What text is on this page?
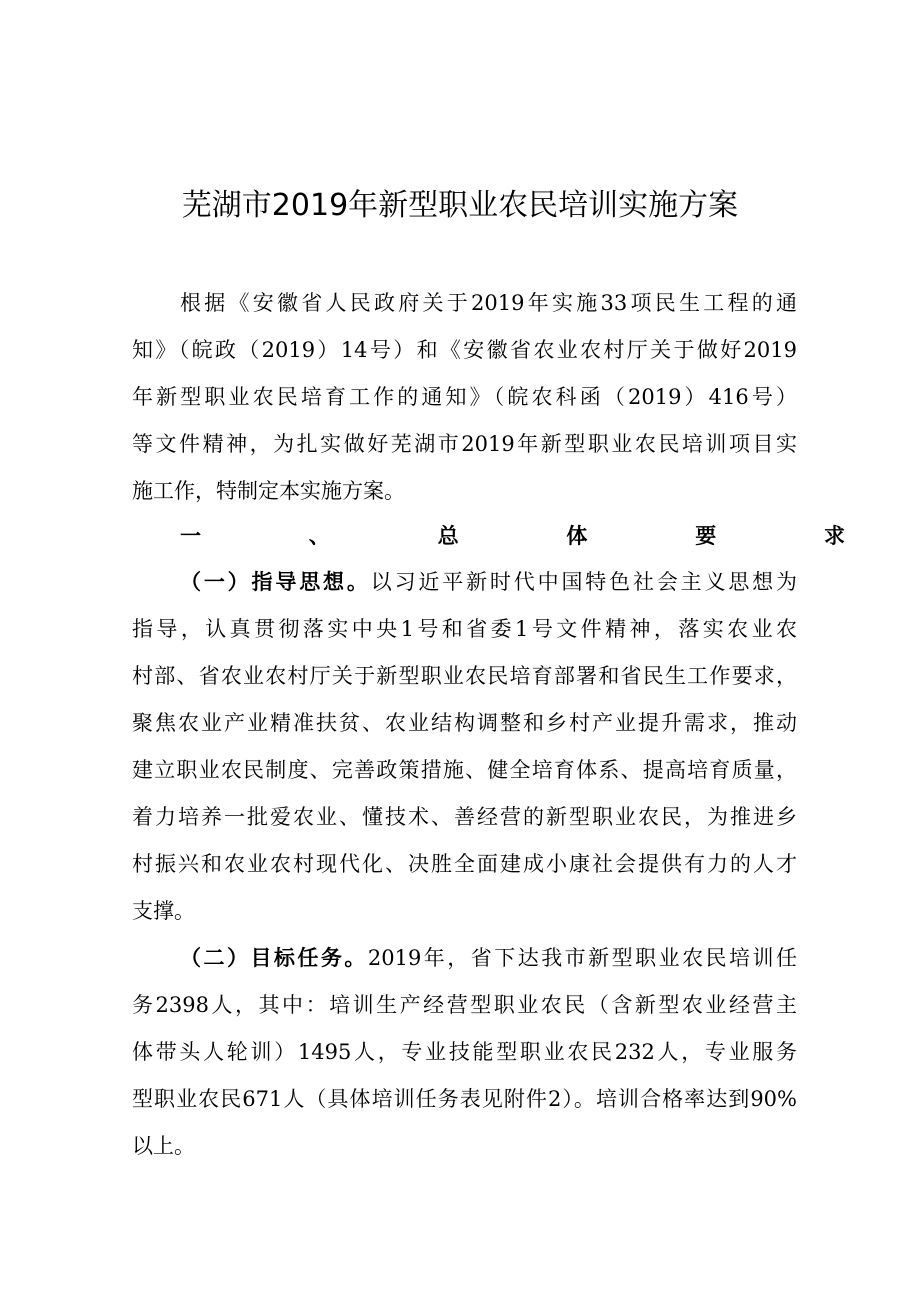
芜湖市2019年新型职业农民培训实施方案
根据《安徽省人民政府关于2019年实施33项民生工程的通
知》（皖政（2019）14号）和《安徽省农业农村厅关于做好2019
年新型职业农民培育工作的通知》（皖农科函（2019）416号）
等文件精神，为扎实做好芜湖市2019年新型职业农民培训项目实
施工作，特制定本实施方案。
一、总体要求
（一）指导思想。以习近平新时代中国特色社会主义思想为
指导，认真贯彻落实中央1号和省委1号文件精神，落实农业农
村部、省农业农村厅关于新型职业农民培育部署和省民生工作要求，
聚焦农业产业精准扶贫、农业结构调整和乡村产业提升需求，推动
建立职业农民制度、完善政策措施、健全培育体系、提高培育质量，
着力培养一批爱农业、懂技术、善经营的新型职业农民，为推进乡
村振兴和农业农村现代化、决胜全面建成小康社会提供有力的人才
支撑。
（二）目标任务。2019年，省下达我市新型职业农民培训任
务2398人，其中：培训生产经营型职业农民（含新型农业经营主
体带头人轮训）1495人，专业技能型职业农民232人，专业服务
型职业农民671人（具体培训任务表见附件2）。培训合格率达到90%
以上。
